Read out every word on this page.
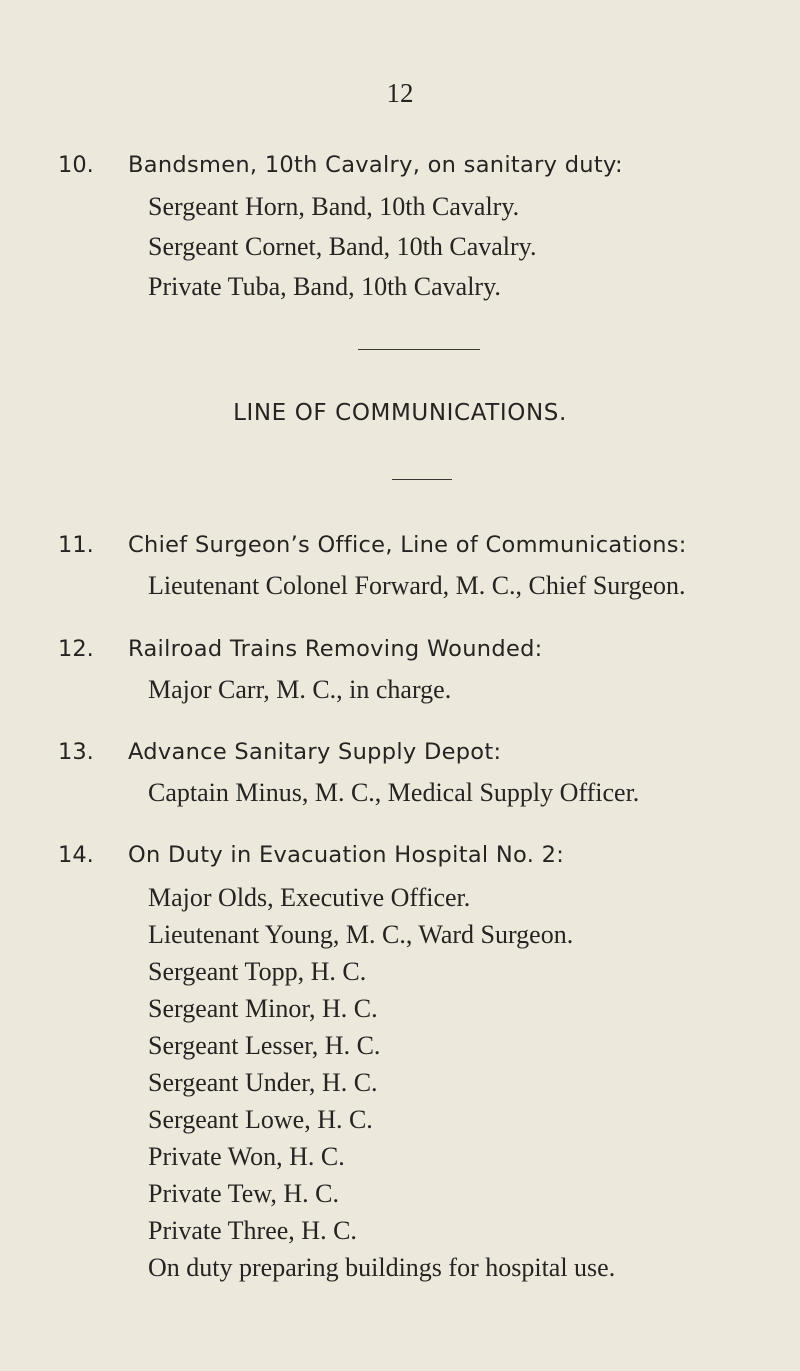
12
10. Bandsmen, 10th Cavalry, on sanitary duty:
Sergeant Horn, Band, 10th Cavalry.
Sergeant Cornet, Band, 10th Cavalry.
Private Tuba, Band, 10th Cavalry.
LINE OF COMMUNICATIONS.
11. Chief Surgeon’s Office, Line of Communications:
Lieutenant Colonel Forward, M. C., Chief Surgeon.
12. Railroad Trains Removing Wounded:
Major Carr, M. C., in charge.
13. Advance Sanitary Supply Depot:
Captain Minus, M. C., Medical Supply Officer.
14. On Duty in Evacuation Hospital No. 2:
Major Olds, Executive Officer.
Lieutenant Young, M. C., Ward Surgeon.
Sergeant Topp, H. C.
Sergeant Minor, H. C.
Sergeant Lesser, H. C.
Sergeant Under, H. C.
Sergeant Lowe, H. C.
Private Won, H. C.
Private Tew, H. C.
Private Three, H. C.
On duty preparing buildings for hospital use.
